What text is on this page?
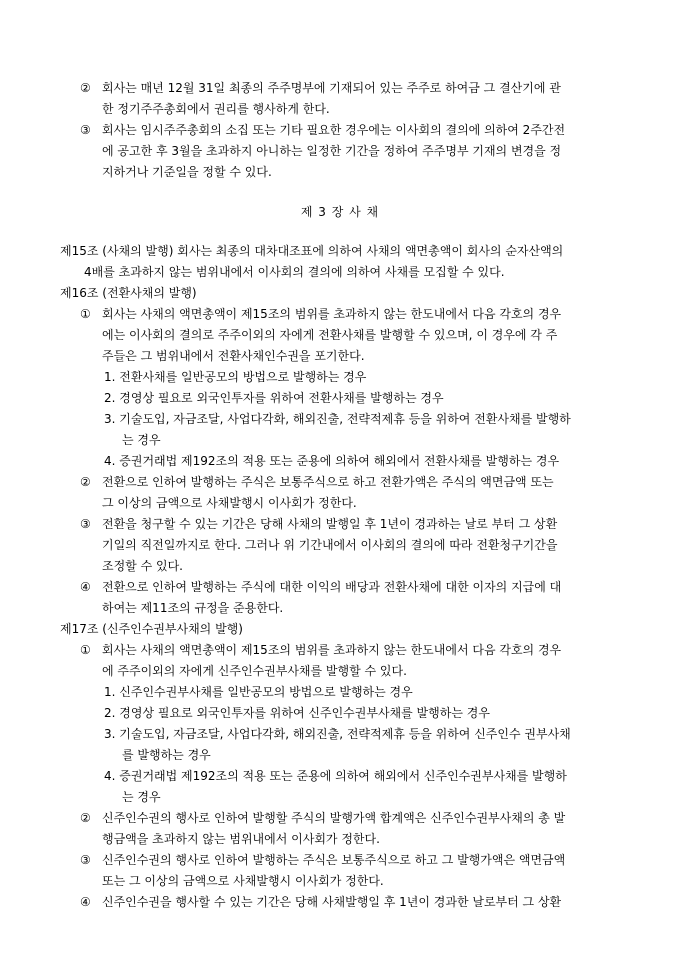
② 회사는 매년 12월 31일 최종의 주주명부에 기재되어 있는 주주로 하여금 그 결산기에 관
한 정기주주총회에서 권리를 행사하게 한다.
③ 회사는 임시주주총회의 소집 또는 기타 필요한 경우에는 이사회의 결의에 의하여 2주간전
에 공고한 후 3월을 초과하지 아니하는 일정한 기간을 정하여 주주명부 기재의 변경을 정
지하거나 기준일을 정할 수 있다.
제 3 장 사 채
제15조 (사채의 발행) 회사는 최종의 대차대조표에 의하여 사채의 액면총액이 회사의 순자산액의
4배를 초과하지 않는 범위내에서 이사회의 결의에 의하여 사채를 모집할 수 있다.
제16조 (전환사채의 발행)
① 회사는 사채의 액면총액이 제15조의 범위를 초과하지 않는 한도내에서 다음 각호의 경우
에는 이사회의 결의로 주주이외의 자에게 전환사채를 발행할 수 있으며, 이 경우에 각 주
주들은 그 범위내에서 전환사채인수권을 포기한다.
1. 전환사채를 일반공모의 방법으로 발행하는 경우
2. 경영상 필요로 외국인투자를 위하여 전환사채를 발행하는 경우
3. 기술도입, 자금조달, 사업다각화, 해외진출, 전략적제휴 등을 위하여 전환사채를 발행하
는 경우
4. 증권거래법 제192조의 적용 또는 준용에 의하여 해외에서 전환사채를 발행하는 경우
② 전환으로 인하여 발행하는 주식은 보통주식으로 하고 전환가액은 주식의 액면금액 또는
그 이상의 금액으로 사채발행시 이사회가 정한다.
③ 전환을 청구할 수 있는 기간은 당해 사채의 발행일 후 1년이 경과하는 날로 부터 그 상환
기일의 직전일까지로 한다. 그러나 위 기간내에서 이사회의 결의에 따라 전환청구기간을
조정할 수 있다.
④ 전환으로 인하여 발행하는 주식에 대한 이익의 배당과 전환사채에 대한 이자의 지급에 대
하여는 제11조의 규정을 준용한다.
제17조 (신주인수권부사채의 발행)
① 회사는 사채의 액면총액이 제15조의 범위를 초과하지 않는 한도내에서 다음 각호의 경우
에 주주이외의 자에게 신주인수권부사채를 발행할 수 있다.
1. 신주인수권부사채를 일반공모의 방법으로 발행하는 경우
2. 경영상 필요로 외국인투자를 위하여 신주인수권부사채를 발행하는 경우
3. 기술도입, 자금조달, 사업다각화, 해외진출, 전략적제휴 등을 위하여 신주인수 권부사채
를 발행하는 경우
4. 증권거래법 제192조의 적용 또는 준용에 의하여 해외에서 신주인수권부사채를 발행하
는 경우
② 신주인수권의 행사로 인하여 발행할 주식의 발행가액 합계액은 신주인수권부사채의 총 발
행금액을 초과하지 않는 범위내에서 이사회가 정한다.
③ 신주인수권의 행사로 인하여 발행하는 주식은 보통주식으로 하고 그 발행가액은 액면금액
또는 그 이상의 금액으로 사채발행시 이사회가 정한다.
④ 신주인수권을 행사할 수 있는 기간은 당해 사채발행일 후 1년이 경과한 날로부터 그 상환
